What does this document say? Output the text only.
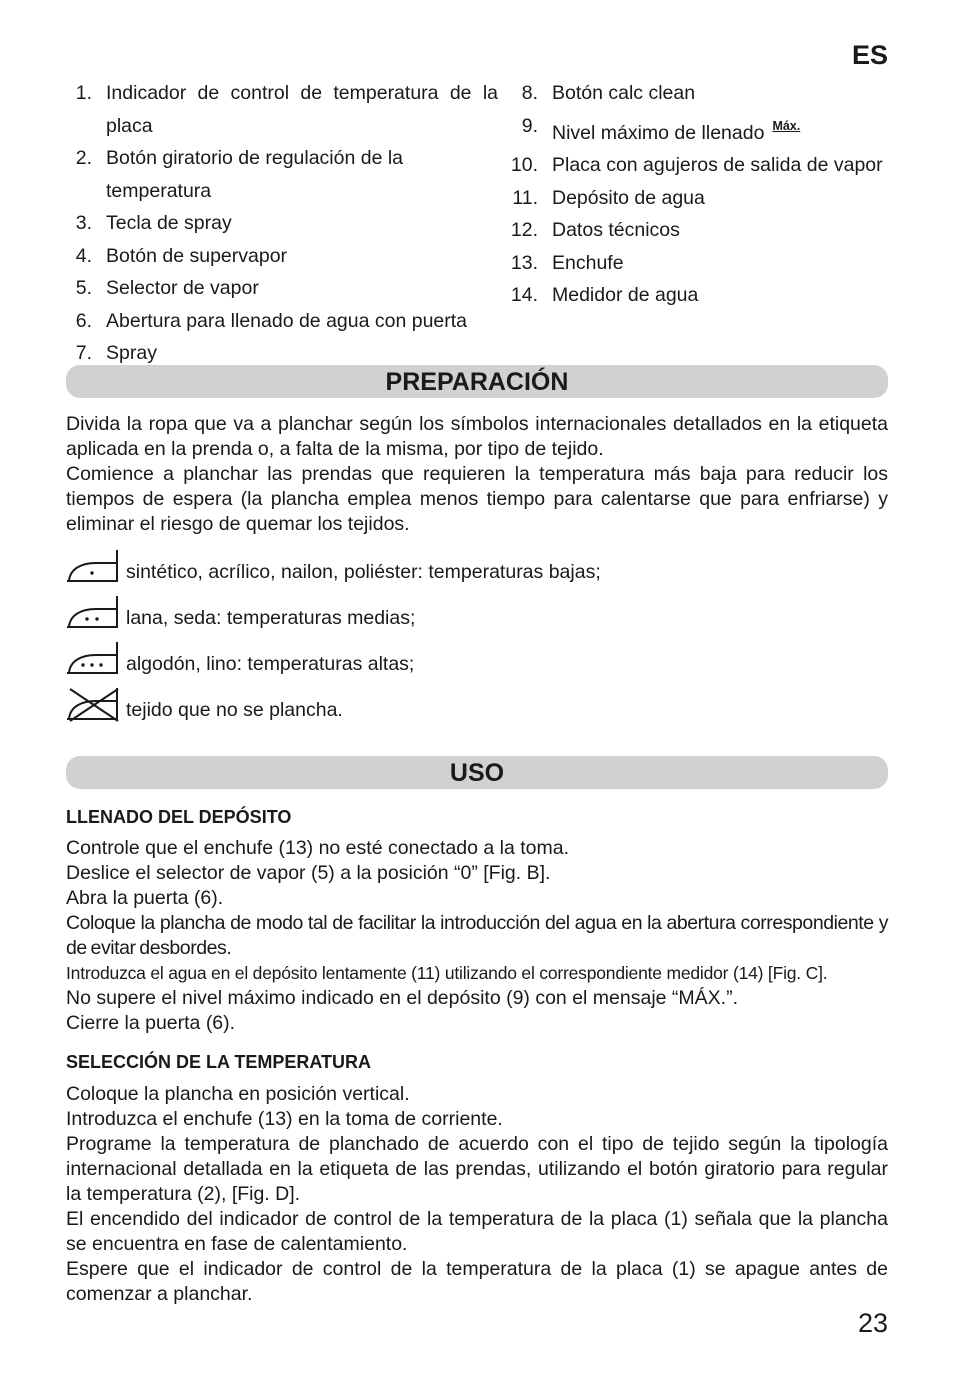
ES
1. Indicador de control de temperatura de la placa
2. Botón giratorio de regulación de la
temperatura
3. Tecla de spray
4. Botón de supervapor
5. Selector de vapor
6. Abertura para llenado de agua con puerta
7. Spray
8. Botón calc clean
9. Nivel máximo de llenado $^{Máx.}$
10. Placa con agujeros de salida de vapor
11. Depósito de agua
12. Datos técnicos
13. Enchufe
14. Medidor de agua
PREPARACIÓN

Divida la ropa que va a planchar según los símbolos internacionales detallados en la etiqueta aplicada en la prenda o, a falta de la misma, por tipo de tejido.

Comience a planchar las prendas que requieren la temperatura más baja para reducir los tiempos de espera (la plancha emplea menos tiempo para calentarse que para enfriarse) y eliminar el riesgo de quemar los tejidos.

sintético, acrílico, nailon, poliéster: temperaturas bajas;
lana, seda: temperaturas medias;
algodón, lino: temperaturas altas;
tejido que no se plancha.
USO
LLENADO DEL DEPÓSITO

Controle que el enchufe (13) no esté conectado a la toma.

Deslice el selector de vapor (5) a la posición “0” [Fig. B].

Abra la puerta (6).

Coloque la plancha de modo tal de facilitar la introducción del agua en la abertura correspondiente y de evitar desbordes.

Introduzca el agua en el depósito lentamente (11) utilizando el correspondiente medidor (14) [Fig. C].

No supere el nivel máximo indicado en el depósito (9) con el mensaje “MÁX.”.

Cierre la puerta (6).

SELECCIÓN DE LA TEMPERATURA

Coloque la plancha en posición vertical.

Introduzca el enchufe (13) en la toma de corriente.

Programe la temperatura de planchado de acuerdo con el tipo de tejido según la tipología internacional detallada en la etiqueta de las prendas, utilizando el botón giratorio para regular la temperatura (2), [Fig. D].

El encendido del indicador de control de la temperatura de la placa (1) señala que la plancha se encuentra en fase de calentamiento.

Espere que el indicador de control de la temperatura de la placa (1) se apague antes de comenzar a planchar.

23
